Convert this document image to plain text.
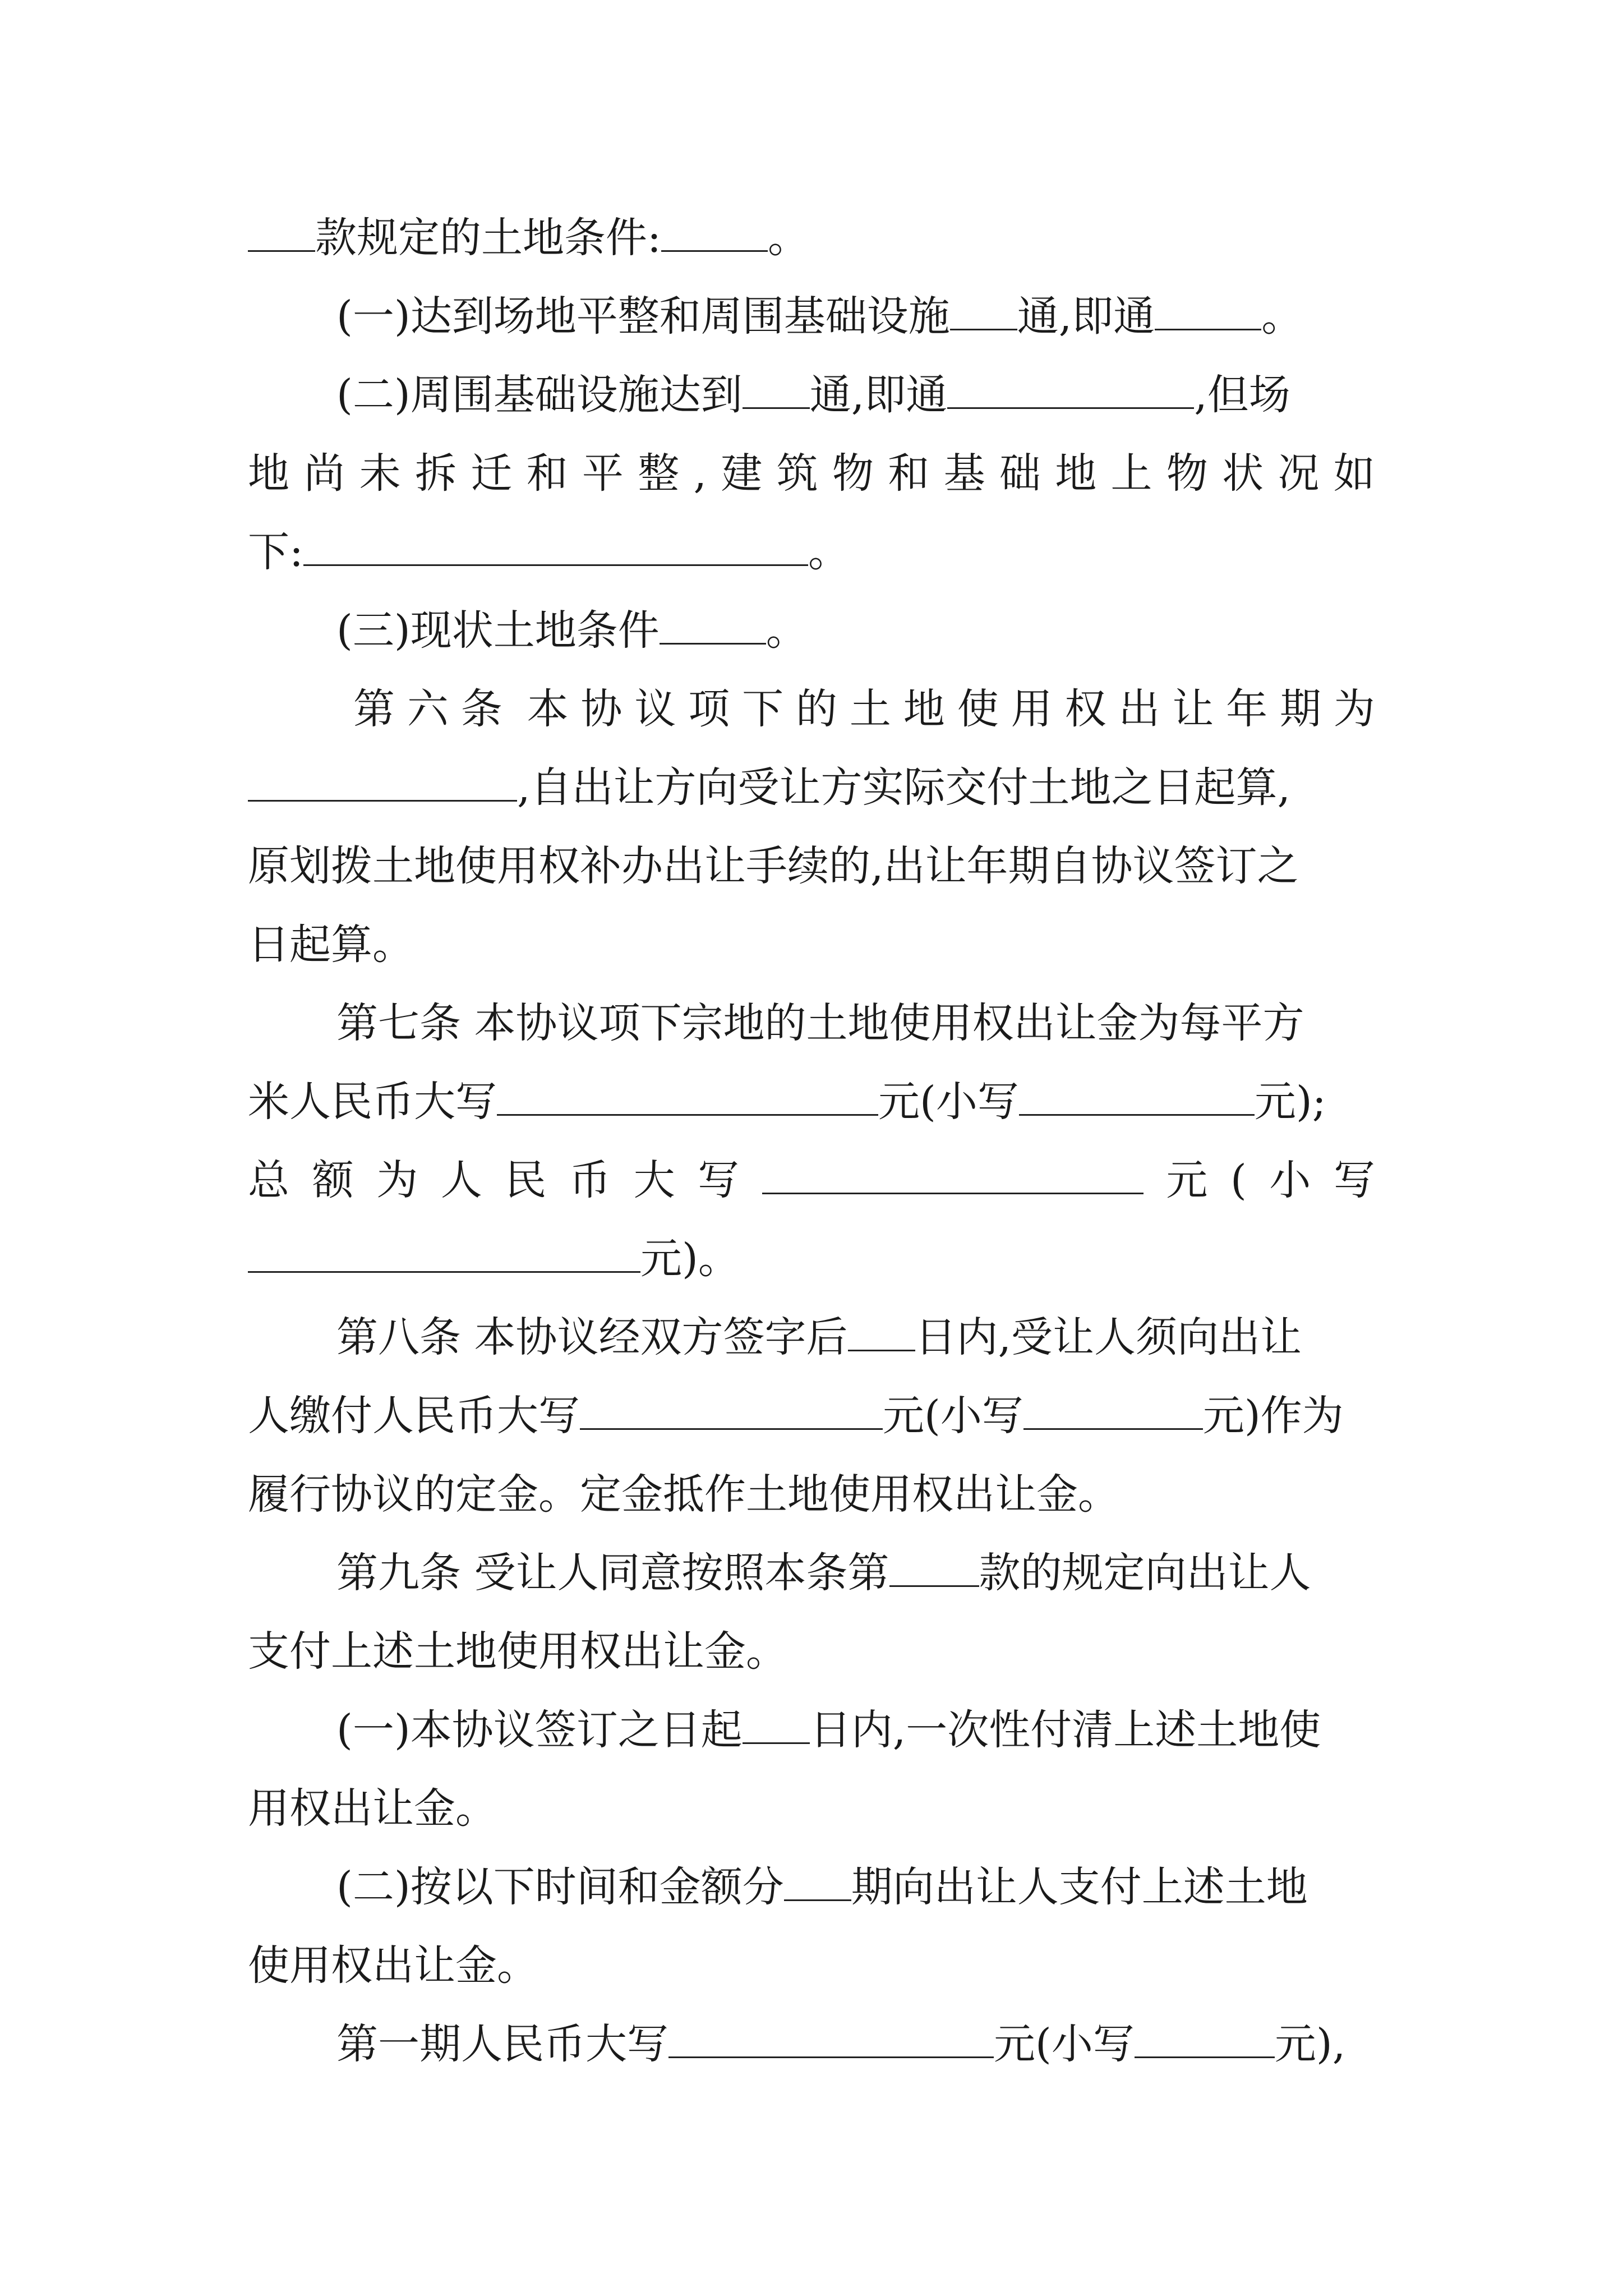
款规定的土地条件:	。
(一)达到场地平整和周围基础设施 通,即通	。
(二)周围基础设施达到 通,即通	,但场
地 尚 未 拆 迁 和 平 整 , 建 筑 物 和 基 础 地 上 物 状 况 如
下:	。
(三)现状土地条件	。
第 六 条 本 协 议 项 下 的 土 地 使 用 权 出 让 年 期 为
,自出让方向受让方实际交付土地之日起算,
原划拨土地使用权补办出让手续的,出让年期自协议签订之
日起算。
第七条 本协议项下宗地的土地使用权出让金为每平方
米人民币大写	元(小写	元);
总 额 为 人 民 币 大 写	元 ( 小 写
元)。
第八条 本协议经双方签字后 日内,受让人须向出让
人缴付人民币大写	元(小写	元)作为
履行协议的定金。定金抵作土地使用权出让金。
第九条 受让人同意按照本条第 款的规定向出让人
支付上述土地使用权出让金。
(一)本协议签订之日起 日内,一次性付清上述土地使
用权出让金。
(二)按以下时间和金额分 期向出让人支付上述土地
使用权出让金。
第一期人民币大写	元(小写	元),
